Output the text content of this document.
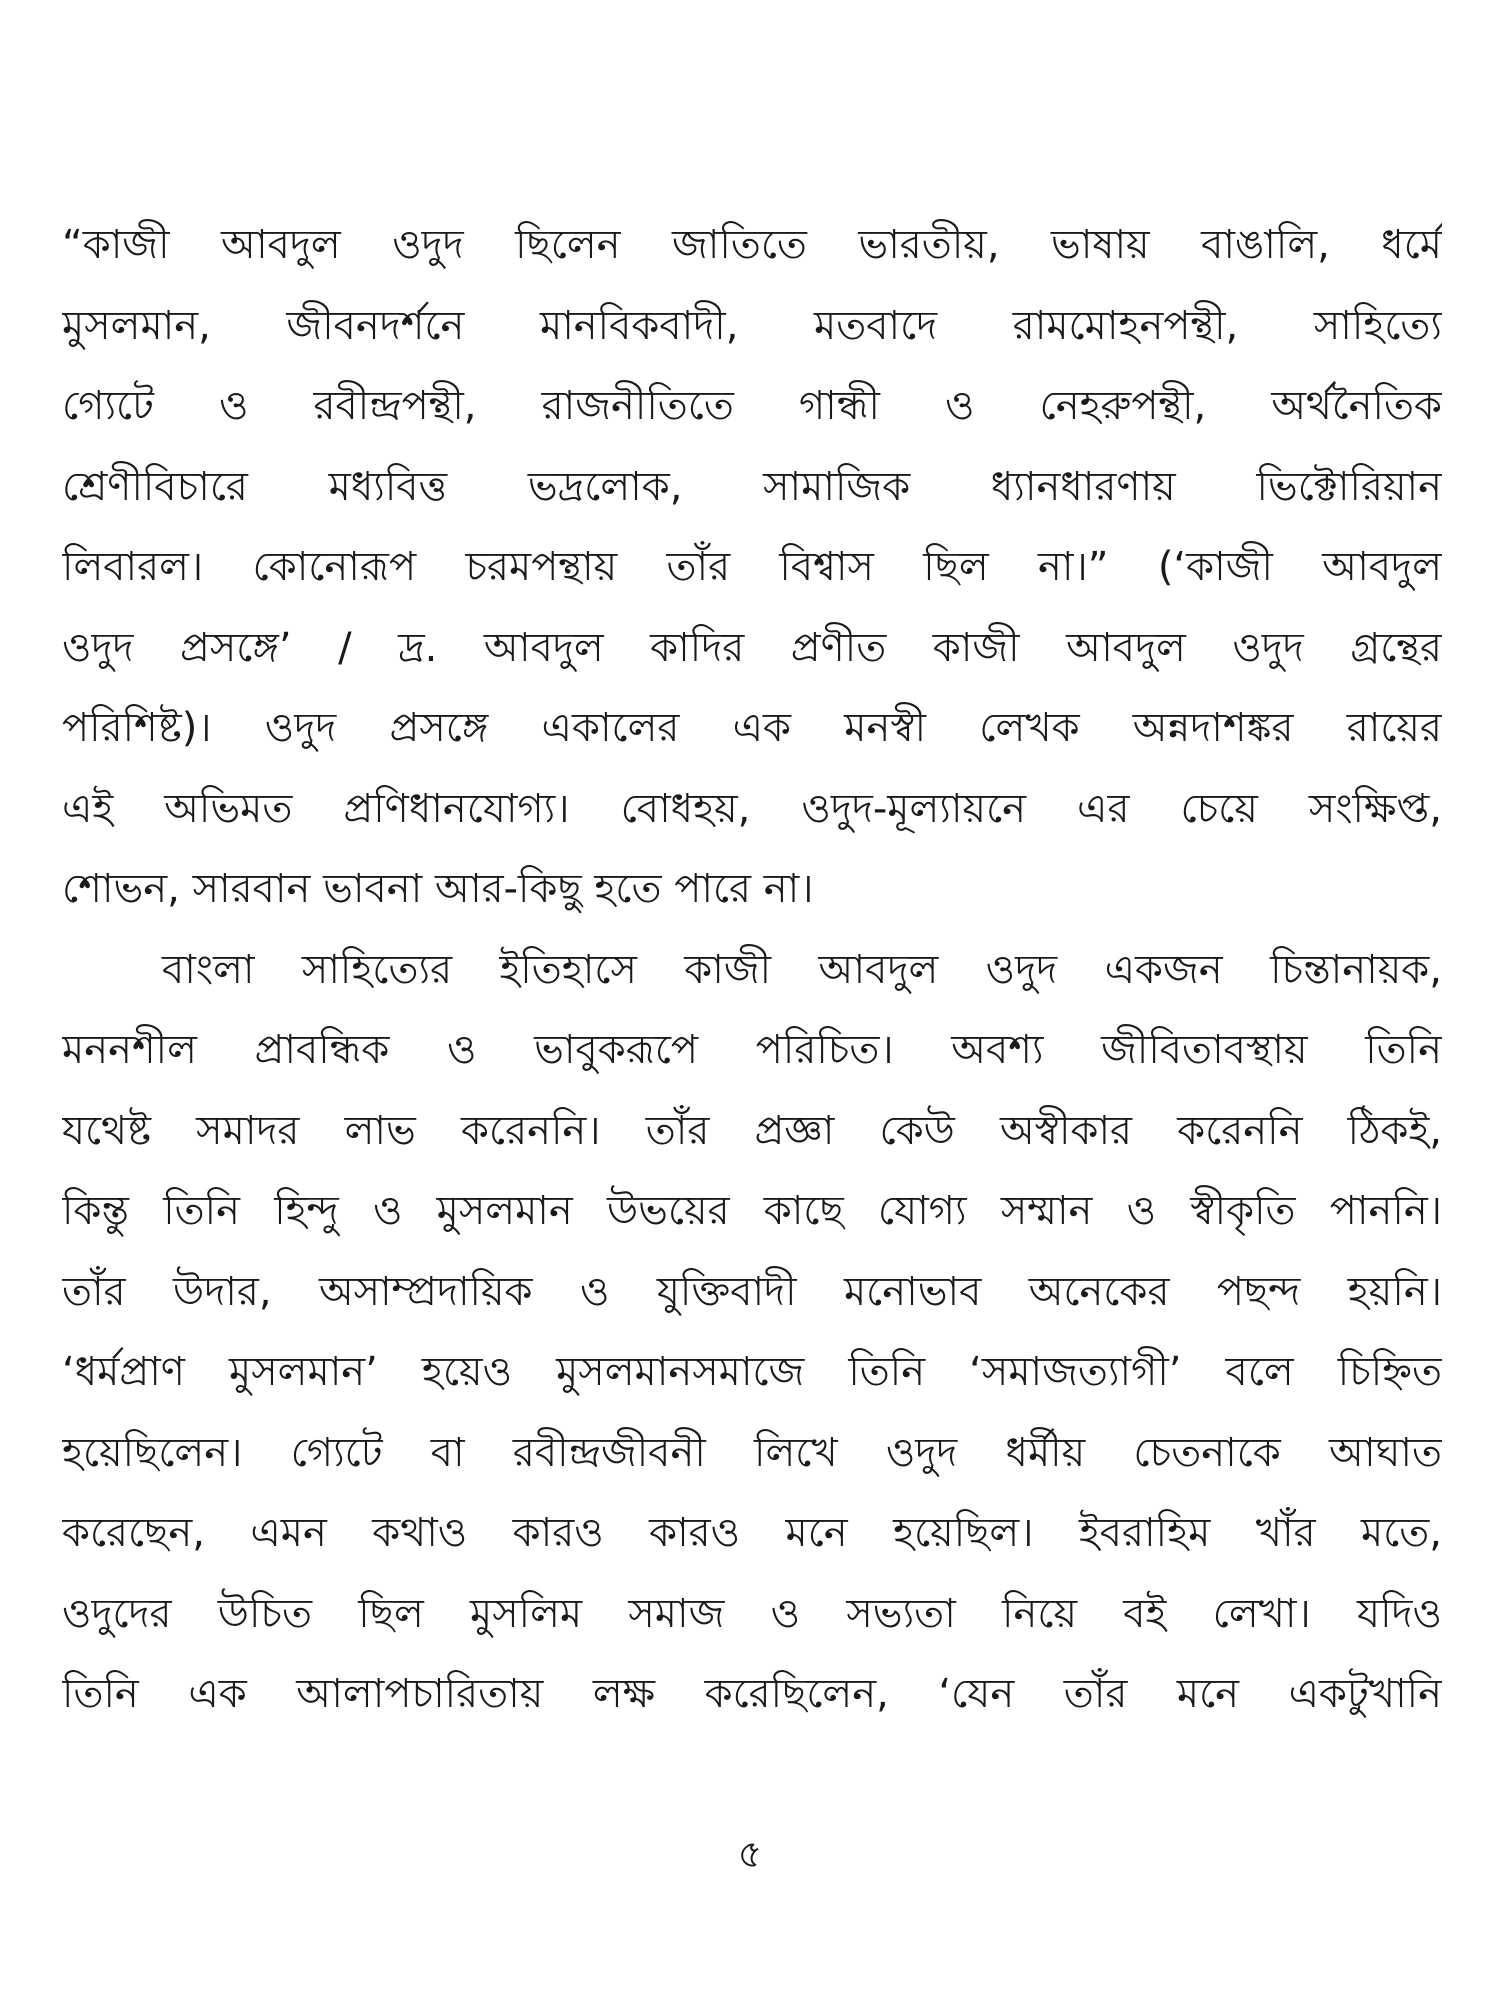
“কাজী আবদুল ওদুদ ছিলেন জাতিতে ভারতীয়, ভাষায় বাঙালি, ধর্মে
মুসলমান, জীবনদর্শনে মানবিকবাদী, মতবাদে রামমোহনপন্থী, সাহিত্যে
গ্যেটে ও রবীন্দ্রপন্থী, রাজনীতিতে গান্ধী ও নেহরুপন্থী, অর্থনৈতিক
শ্রেণীবিচারে মধ্যবিত্ত ভদ্রলোক, সামাজিক ধ্যানধারণায় ভিক্টোরিয়ান
লিবারল। কোনোরূপ চরমপন্থায় তাঁর বিশ্বাস ছিল না।” (‘কাজী আবদুল
ওদুদ প্রসঙ্গে’ / দ্র. আবদুল কাদির প্রণীত কাজী আবদুল ওদুদ গ্রন্থের
পরিশিষ্ট)। ওদুদ প্রসঙ্গে একালের এক মনস্বী লেখক অন্নদাশঙ্কর রায়ের
এই অভিমত প্রণিধানযোগ্য। বোধহয়, ওদুদ-মূল্যায়নে এর চেয়ে সংক্ষিপ্ত,
শোভন, সারবান ভাবনা আর-কিছু হতে পারে না।
বাংলা সাহিত্যের ইতিহাসে কাজী আবদুল ওদুদ একজন চিন্তানায়ক,
মননশীল প্রাবন্ধিক ও ভাবুকরূপে পরিচিত। অবশ্য জীবিতাবস্থায় তিনি
যথেষ্ট সমাদর লাভ করেননি। তাঁর প্রজ্ঞা কেউ অস্বীকার করেননি ঠিকই,
কিন্তু তিনি হিন্দু ও মুসলমান উভয়ের কাছে যোগ্য সম্মান ও স্বীকৃতি পাননি।
তাঁর উদার, অসাম্প্রদায়িক ও যুক্তিবাদী মনোভাব অনেকের পছন্দ হয়নি।
‘ধর্মপ্রাণ মুসলমান’ হয়েও মুসলমানসমাজে তিনি ‘সমাজত্যাগী’ বলে চিহ্নিত
হয়েছিলেন। গ্যেটে বা রবীন্দ্রজীবনী লিখে ওদুদ ধর্মীয় চেতনাকে আঘাত
করেছেন, এমন কথাও কারও কারও মনে হয়েছিল। ইবরাহিম খাঁর মতে,
ওদুদের উচিত ছিল মুসলিম সমাজ ও সভ্যতা নিয়ে বই লেখা। যদিও
তিনি এক আলাপচারিতায় লক্ষ করেছিলেন, ‘যেন তাঁর মনে একটুখানি
৫
